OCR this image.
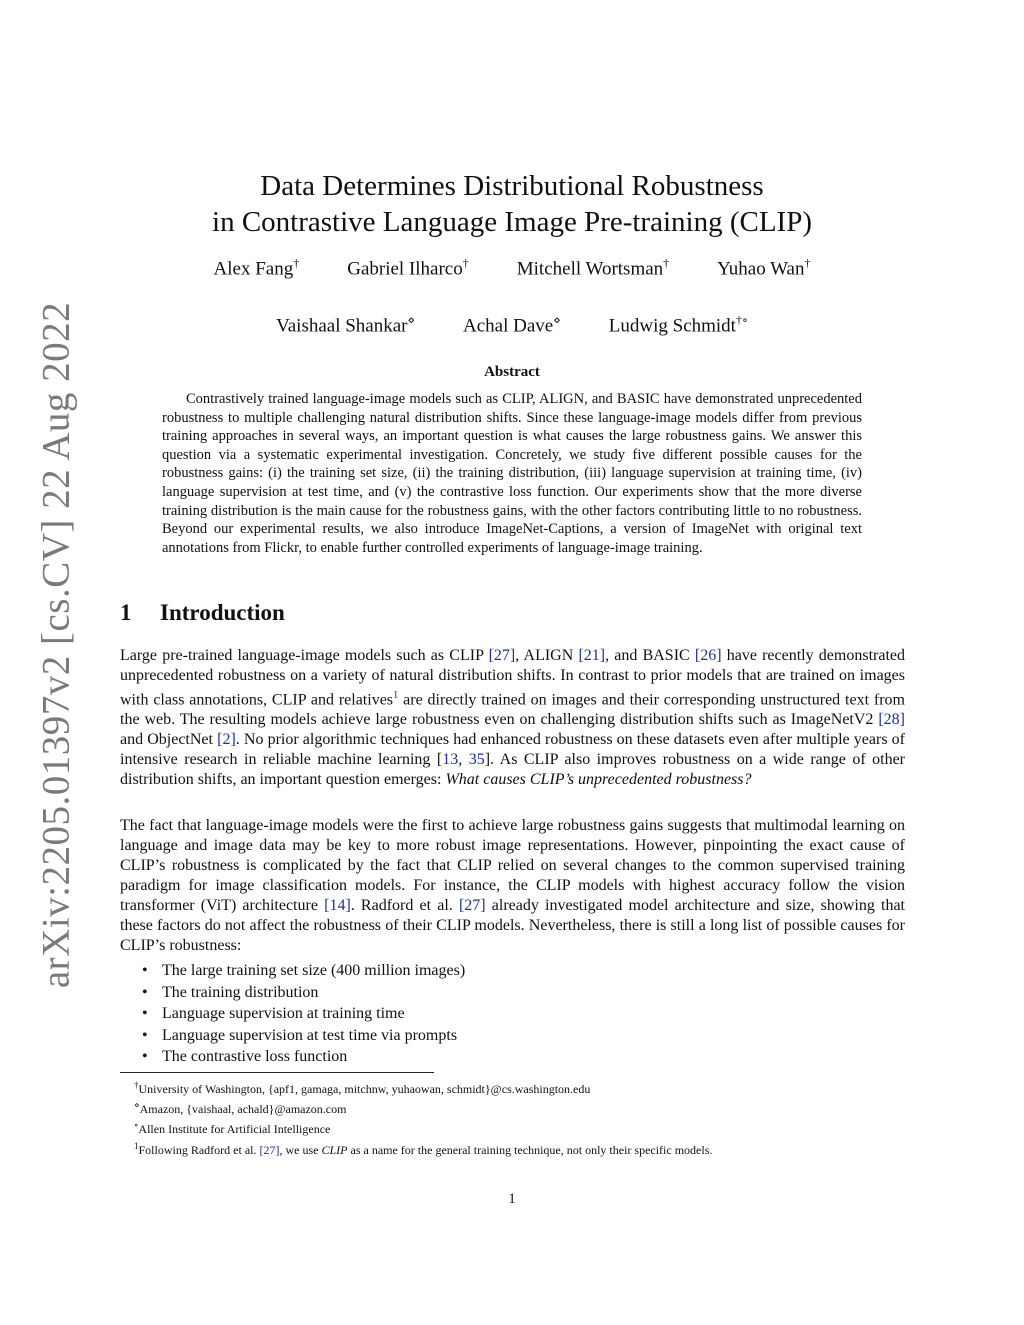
arXiv:2205.01397v2 [cs.CV] 22 Aug 2022
Data Determines Distributional Robustness
in Contrastive Language Image Pre-training (CLIP)
Alex Fang†	Gabriel Ilharco†	Mitchell Wortsman†	Yuhao Wan†
Vaishaal Shankar⋄	Achal Dave⋄	Ludwig Schmidt†∘
Abstract

Contrastively trained language-image models such as CLIP, ALIGN, and BASIC have demonstrated unprecedented robustness to multiple challenging natural distribution shifts. Since these language-image models differ from previous training approaches in several ways, an important question is what causes the large robustness gains. We answer this question via a systematic experimental investigation. Concretely, we study five different possible causes for the robustness gains: (i) the training set size, (ii) the training distribution, (iii) language supervision at training time, (iv) language supervision at test time, and (v) the contrastive loss function. Our experiments show that the more diverse training distribution is the main cause for the robustness gains, with the other factors contributing little to no robustness. Beyond our experimental results, we also introduce ImageNet-Captions, a version of ImageNet with original text annotations from Flickr, to enable further controlled experiments of language-image training.

1 Introduction

Large pre-trained language-image models such as CLIP [27], ALIGN [21], and BASIC [26] have recently demonstrated unprecedented robustness on a variety of natural distribution shifts. In contrast to prior models that are trained on images with class annotations, CLIP and relatives$^1$ are directly trained on images and their corresponding unstructured text from the web. The resulting models achieve large robustness even on challenging distribution shifts such as ImageNetV2 [28] and ObjectNet [2]. No prior algorithmic techniques had enhanced robustness on these datasets even after multiple years of intensive research in reliable machine learning [13, 35]. As CLIP also improves robustness on a wide range of other distribution shifts, an important question emerges: What causes CLIP’s unprecedented robustness?

The fact that language-image models were the first to achieve large robustness gains suggests that multimodal learning on language and image data may be key to more robust image representations. However, pinpointing the exact cause of CLIP’s robustness is complicated by the fact that CLIP relied on several changes to the common supervised training paradigm for image classification models. For instance, the CLIP models with highest accuracy follow the vision transformer (ViT) architecture [14]. Radford et al. [27] already investigated model architecture and size, showing that these factors do not affect the robustness of their CLIP models. Nevertheless, there is still a long list of possible causes for CLIP’s robustness:

• The large training set size (400 million images)
• The training distribution
• Language supervision at training time
• Language supervision at test time via prompts
• The contrastive loss function
†University of Washington, {apf1, gamaga, mitchnw, yuhaowan, schmidt}@cs.washington.edu
⋄Amazon, {vaishaal, achald}@amazon.com
∘Allen Institute for Artificial Intelligence
$^1$Following Radford et al. [27], we use CLIP as a name for the general training technique, not only their specific models.
1
